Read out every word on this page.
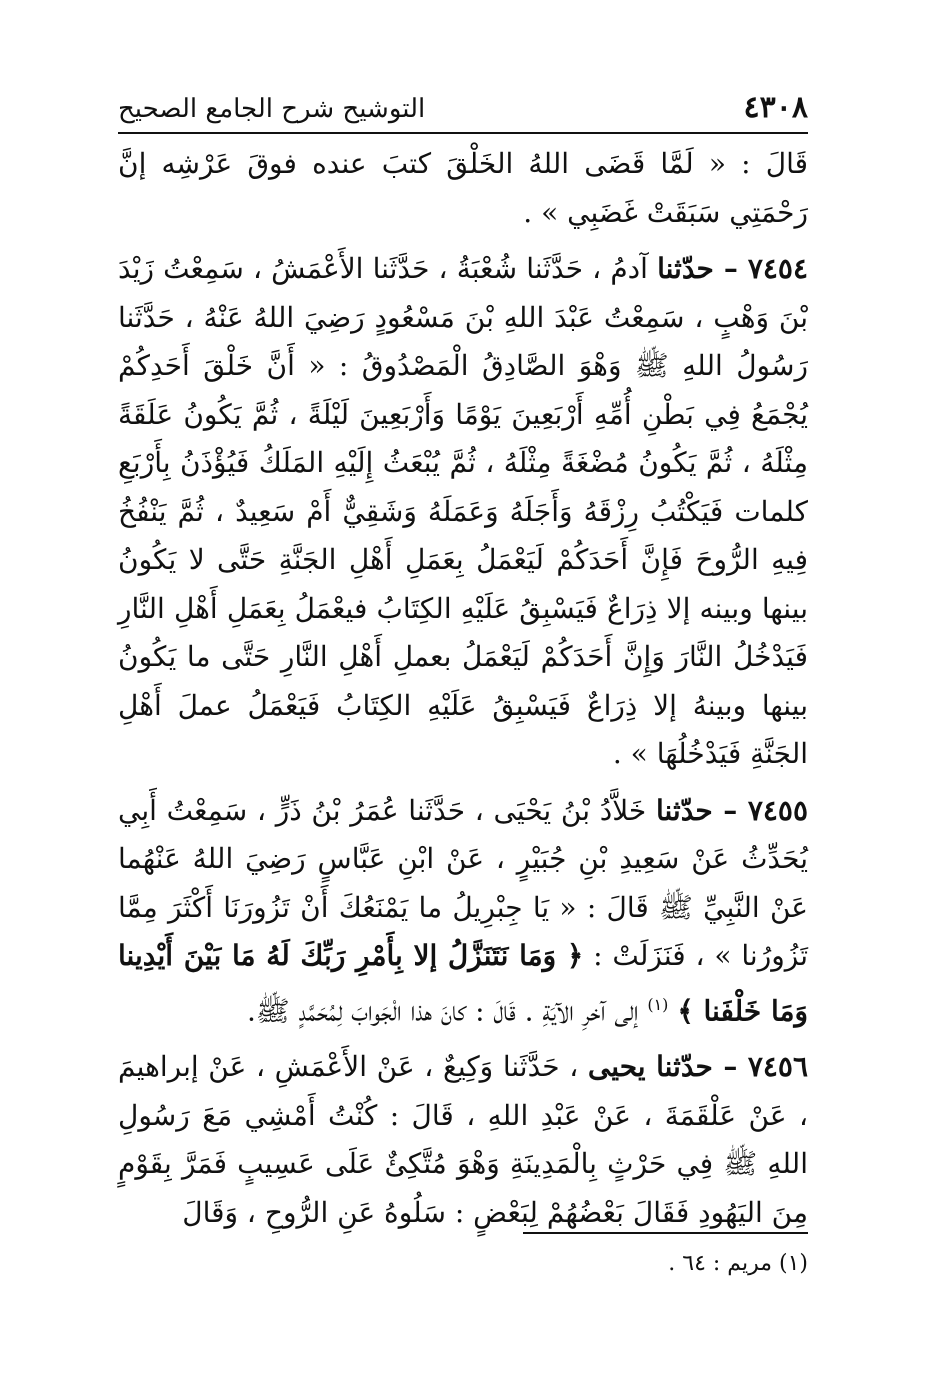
٤٣٠٨
التوشيح شرح الجامع الصحيح

قَالَ : « لَمَّا قَضَى اللهُ الخَلْقَ كتبَ عنده فوقَ عَرْشِه إنَّ رَحْمَتِي سَبَقَتْ غَضَبِي » .

٧٤٥٤ – حدّثنا آدمُ ، حَدَّثَنا شُعْبَةُ ، حَدَّثَنا الأَعْمَشُ ، سَمِعْتُ زَيْدَ بْنَ وَهْبٍ ، سَمِعْتُ عَبْدَ اللهِ بْنَ مَسْعُودٍ رَضِيَ اللهُ عَنْهُ ، حَدَّثَنا رَسُولُ اللهِ ﷺ وَهْوَ الصَّادِقُ الْمَصْدُوقُ : « أَنَّ خَلْقَ أَحَدِكُمْ يُجْمَعُ فِي بَطْنِ أُمِّهِ أَرْبَعِينَ يَوْمًا وَأَرْبَعِينَ لَيْلَةً ، ثُمَّ يَكُونُ عَلَقَةً مِثْلَهُ ، ثُمَّ يَكُونُ مُضْغَةً مِثْلَهُ ، ثُمَّ يُبْعَثُ إِلَيْهِ المَلَكُ فَيُؤْذَنُ بِأَرْبَعِ كلمات فَيَكْتُبُ رِزْقَهُ وَأَجَلَهُ وَعَمَلَهُ وَشَقِيٌّ أَمْ سَعِيدٌ ، ثُمَّ يَنْفُخُ فِيهِ الرُّوحَ فَإِنَّ أَحَدَكُمْ لَيَعْمَلُ بِعَمَلِ أَهْلِ الجَنَّةِ حَتَّى لا يَكُونُ بينها وبينه إلا ذِرَاعٌ فَيَسْبِقُ عَلَيْهِ الكِتَابُ فيعْمَلُ بِعَمَلِ أَهْلِ النَّارِ فَيَدْخُلُ النَّارَ وَإِنَّ أَحَدَكُمْ لَيَعْمَلُ بعملِ أَهْلِ النَّارِ حَتَّى ما يَكُونُ بينها وبينهُ إلا ذِرَاعٌ فَيَسْبِقُ عَلَيْهِ الكِتَابُ فَيَعْمَلُ عملَ أَهْلِ الجَنَّةِ فَيَدْخُلُهَا » .

٧٤٥٥ – حدّثنا خَلاَّدُ بْنُ يَحْيَى ، حَدَّثَنا عُمَرُ بْنُ ذَرٍّ ، سَمِعْتُ أَبِي يُحَدِّثُ عَنْ سَعِيدِ بْنِ جُبَيْرٍ ، عَنْ ابْنِ عَبَّاسٍ رَضِيَ اللهُ عَنْهُما عَنْ النَّبِيِّ ﷺ قَالَ : « يَا جِبْرِيلُ ما يَمْنَعُكَ أَنْ تَزُورَنَا أَكْثَرَ مِمَّا تَزُورُنا » ، فَنَزَلَتْ : ﴿ وَمَا نَتَنَزَّلُ إلا بِأَمْرِ رَبِّكَ لَهُ مَا بَيْنَ أَيْدِينا وَمَا خَلْفَنا ﴾ $^{(١)}$ إلى آخرِ الآيَةِ . قَالَ : كانَ هذا الْجَوابَ لِمُحَمَّدٍ ﷺ.

٧٤٥٦ – حدّثنا يحيى ، حَدَّثَنا وَكِيعٌ ، عَنْ الأَعْمَشِ ، عَنْ إبراهيمَ ، عَنْ عَلْقَمَةَ ، عَنْ عَبْدِ اللهِ ، قَالَ : كُنْتُ أَمْشِي مَعَ رَسُولِ اللهِ ﷺ فِي حَرْثٍ بِالْمَدِينَةِ وَهْوَ مُتَّكِئٌ عَلَى عَسِيبٍ فَمَرَّ بِقَوْمٍ مِنَ اليَهُودِ فَقَالَ بَعْضُهُمْ لِبَعْضٍ : سَلُوهُ عَنِ الرُّوحِ ، وَقَالَ

(١) مريم : ٦٤ .
